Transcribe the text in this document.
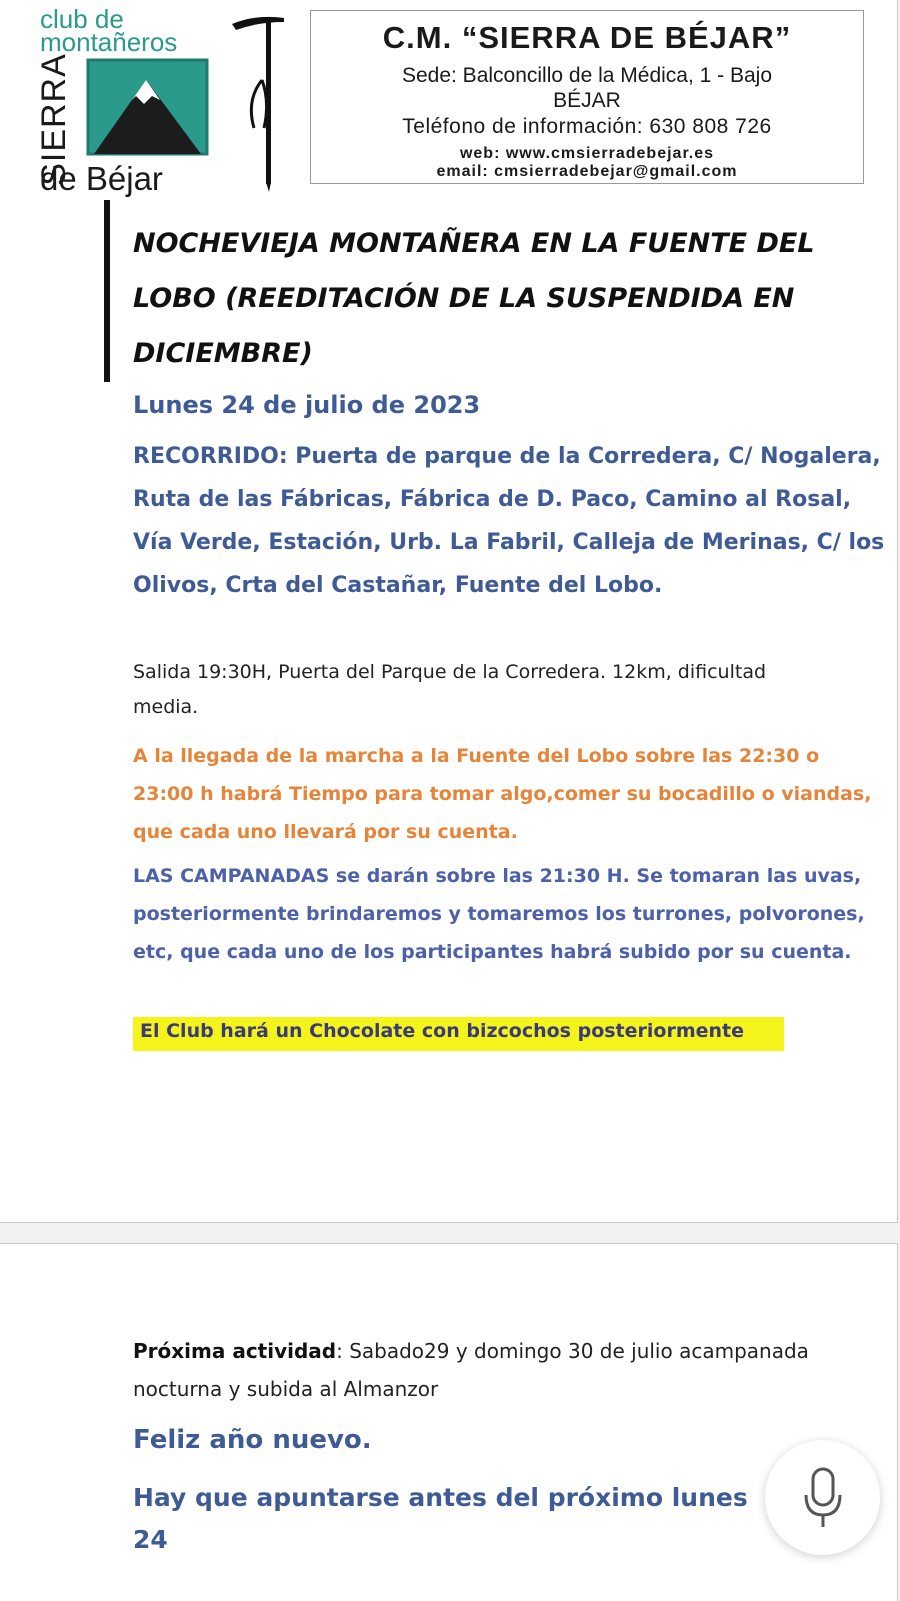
club de
montañeros
SIERRA
de Béjar
C.M. “SIERRA DE BÉJAR”
Sede: Balconcillo de la Médica, 1 - Bajo
BÉJAR
Teléfono de información: 630 808 726
web: www.cmsierradebejar.es
email: cmsierradebejar@gmail.com
NOCHEVIEJA MONTAÑERA EN LA FUENTE DEL LOBO (REEDITACIÓN DE LA SUSPENDIDA EN DICIEMBRE)
Lunes 24 de julio de 2023
RECORRIDO: Puerta de parque de la Corredera, C/ Nogalera, Ruta de las Fábricas, Fábrica de D. Paco, Camino al Rosal, Vía Verde, Estación, Urb. La Fabril, Calleja de Merinas, C/ los Olivos, Crta del Castañar, Fuente del Lobo.
Salida 19:30H, Puerta del Parque de la Corredera. 12km, dificultad media.
A la llegada de la marcha a la Fuente del Lobo sobre las 22:30 o 23:00 h habrá Tiempo para tomar algo,comer su bocadillo o viandas, que cada uno llevará por su cuenta.
LAS CAMPANADAS se darán sobre las 21:30 H. Se tomaran las uvas, posteriormente brindaremos y tomaremos los turrones, polvorones, etc, que cada uno de los participantes habrá subido por su cuenta.
El Club hará un Chocolate con bizcochos posteriormente
Próxima actividad: Sabado29 y domingo 30 de julio acampanada nocturna y subida al Almanzor
Feliz año nuevo.
Hay que apuntarse antes del próximo lunes 24
